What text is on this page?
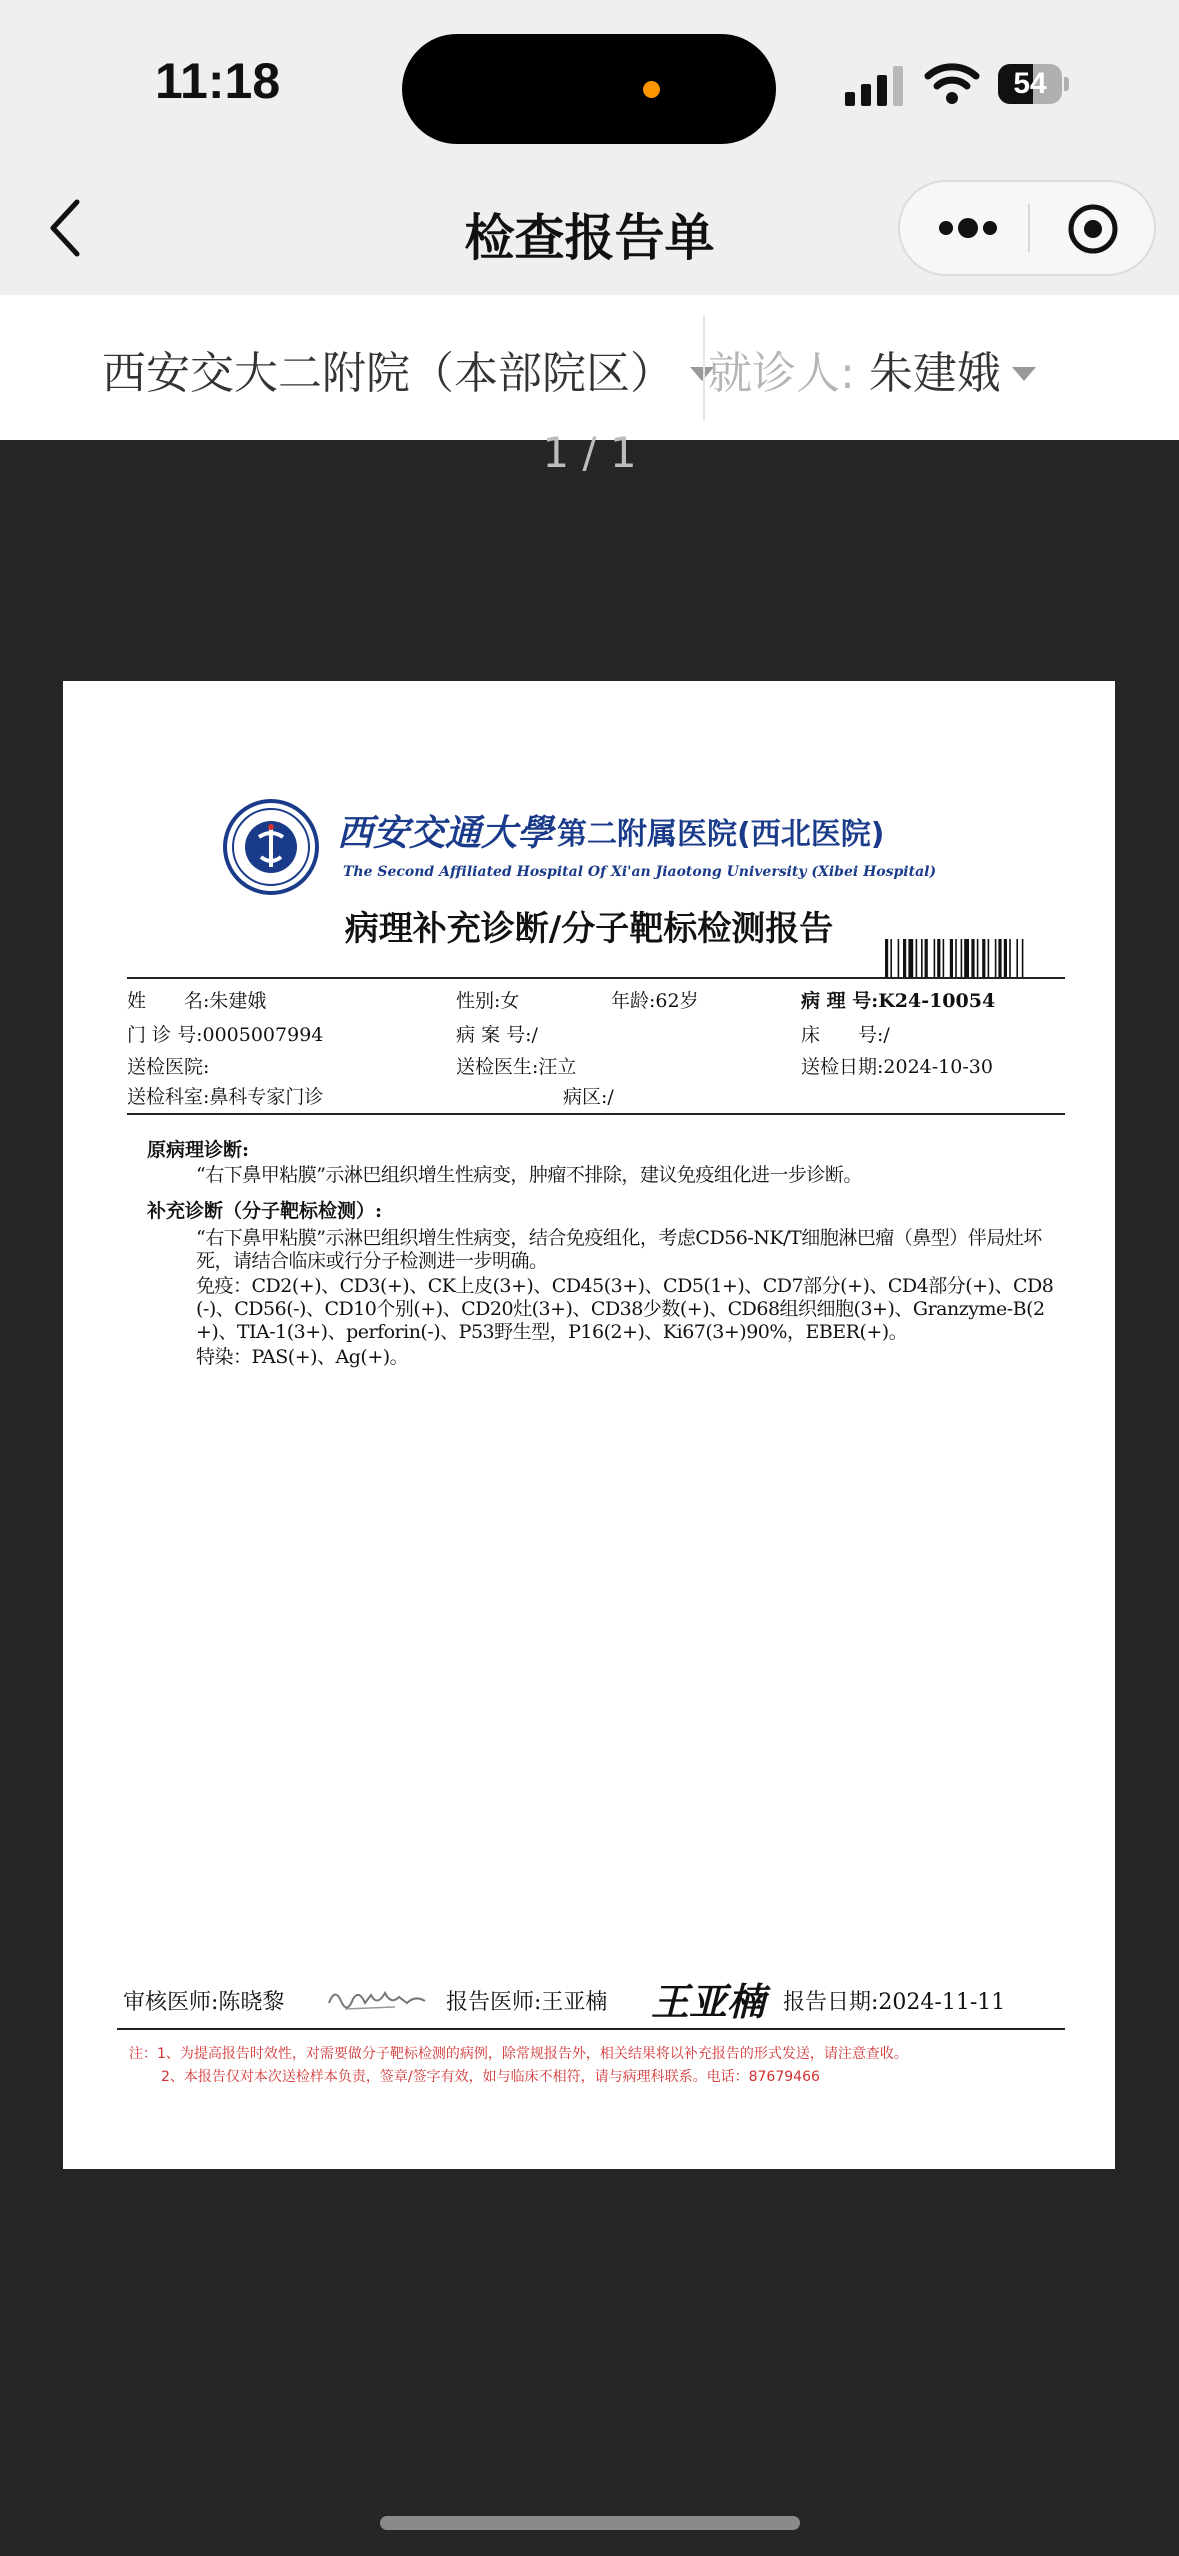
11:18	54
检查报告单
西安交大二附院（本部院区） 就诊人: 朱建娥
1 / 1
西安交通大學 第二附属医院(西北医院)
The Second Affiliated Hospital Of Xi'an Jiaotong University (Xibei Hospital)
病理补充诊断/分子靶标检测报告
姓　　名:朱建娥	性别:女	年龄:62岁	病 理 号:K24-10054
门 诊 号:0005007994	病 案 号:/	床　　号:/
送检医院:	送检医生:汪立	送检日期:2024-10-30
送检科室:鼻科专家门诊	病区:/
原病理诊断:
“右下鼻甲粘膜”示淋巴组织增生性病变，肿瘤不排除，建议免疫组化进一步诊断。
补充诊断（分子靶标检测）:
“右下鼻甲粘膜”示淋巴组织增生性病变，结合免疫组化，考虑CD56-NK/T细胞淋巴瘤（鼻型）伴局灶坏死，请结合临床或行分子检测进一步明确。
免疫：CD2(+)、CD3(+)、CK上皮(3+)、CD45(3+)、CD5(1+)、CD7部分(+)、CD4部分(+)、CD8(-)、CD56(-)、CD10个别(+)、CD20灶(3+)、CD38少数(+)、CD68组织细胞(3+)、Granzyme-B(2+)、TIA-1(3+)、perforin(-)、P53野生型，P16(2+)、Ki67(3+)90%，EBER(+)。
特染：PAS(+)、Ag(+)。
审核医师:陈晓黎	报告医师:王亚楠 王亚楠 报告日期:2024-11-11
注：1、为提高报告时效性，对需要做分子靶标检测的病例，除常规报告外，相关结果将以补充报告的形式发送，请注意查收。
2、本报告仅对本次送检样本负责，签章/签字有效，如与临床不相符，请与病理科联系。电话：87679466
